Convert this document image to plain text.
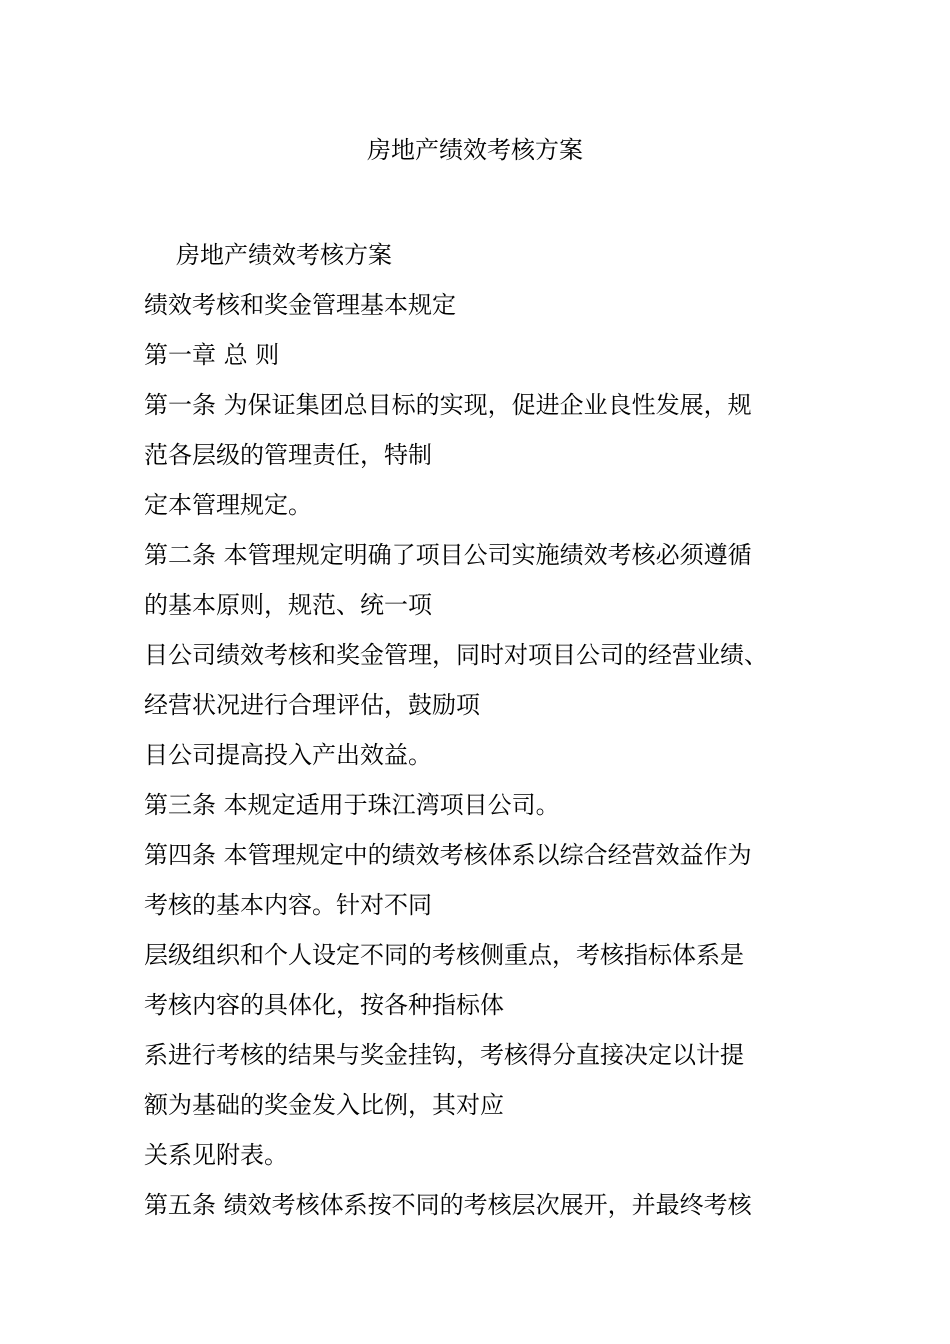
房地产绩效考核方案
房地产绩效考核方案
绩效考核和奖金管理基本规定
第一章 总 则
第一条 为保证集团总目标的实现，促进企业良性发展，规
范各层级的管理责任，特制
定本管理规定。
第二条 本管理规定明确了项目公司实施绩效考核必须遵循
的基本原则，规范、统一项
目公司绩效考核和奖金管理，同时对项目公司的经营业绩、
经营状况进行合理评估，鼓励项
目公司提高投入产出效益。
第三条 本规定适用于珠江湾项目公司。
第四条 本管理规定中的绩效考核体系以综合经营效益作为
考核的基本内容。针对不同
层级组织和个人设定不同的考核侧重点，考核指标体系是
考核内容的具体化，按各种指标体
系进行考核的结果与奖金挂钩，考核得分直接决定以计提
额为基础的奖金发入比例，其对应
关系见附表。
第五条 绩效考核体系按不同的考核层次展开，并最终考核
